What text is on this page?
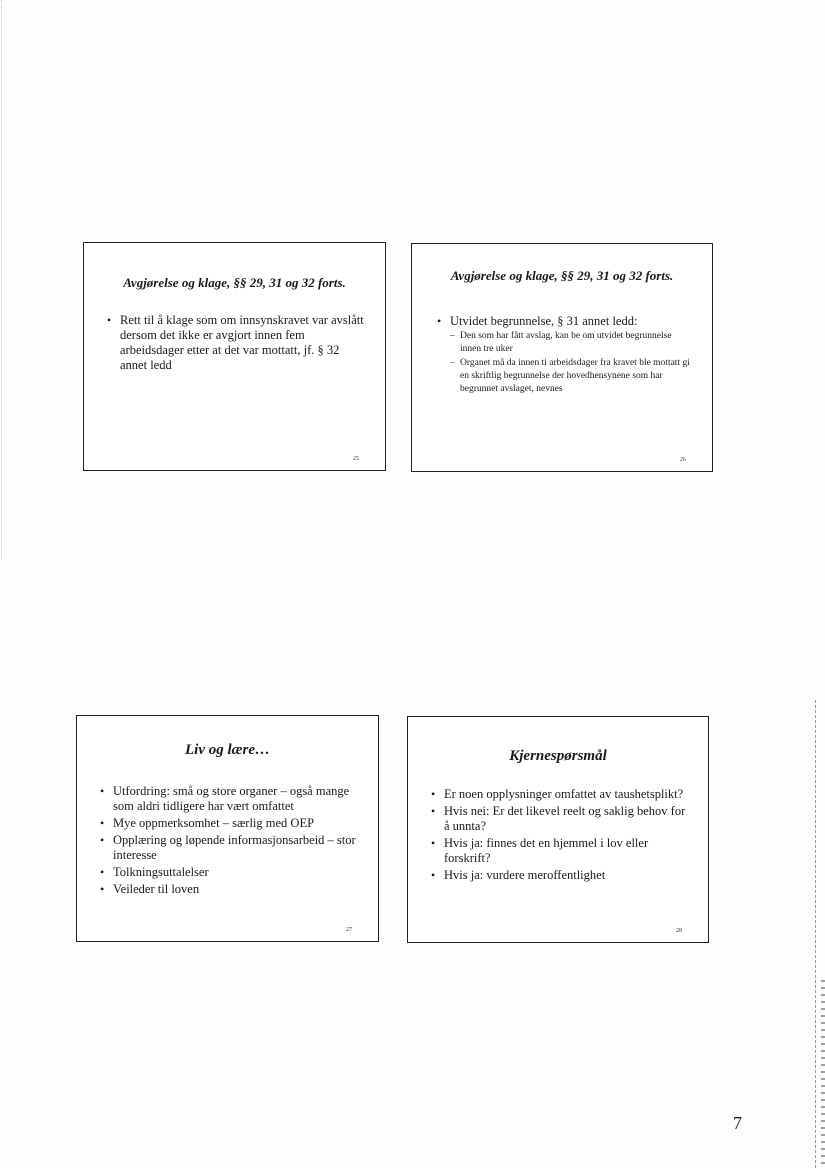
Avgjørelse og klage, §§ 29, 31 og 32 forts.
• Rett til å klage som om innsynskravet var avslått dersom det ikke er avgjort innen fem arbeidsdager etter at det var mottatt, jf. § 32 annet ledd
25
Avgjørelse og klage, §§ 29, 31 og 32 forts.
• Utvidet begrunnelse, § 31 annet ledd:
– Den som har fått avslag, kan be om utvidet begrunnelse innen tre uker
– Organet må da innen ti arbeidsdager fra kravet ble mottatt gi en skriftlig begrunnelse der hovedhensynene som har begrunnet avslaget, nevnes
26
Liv og lære…
• Utfordring: små og store organer – også mange som aldri tidligere har vært omfattet
• Mye oppmerksomhet – særlig med OEP
• Opplæring og løpende informasjonsarbeid – stor interesse
• Tolkningsuttalelser
• Veileder til loven
27
Kjernespørsmål
• Er noen opplysninger omfattet av taushetsplikt?
• Hvis nei: Er det likevel reelt og saklig behov for å unnta?
• Hvis ja: finnes det en hjemmel i lov eller forskrift?
• Hvis ja: vurdere meroffentlighet
28
7
